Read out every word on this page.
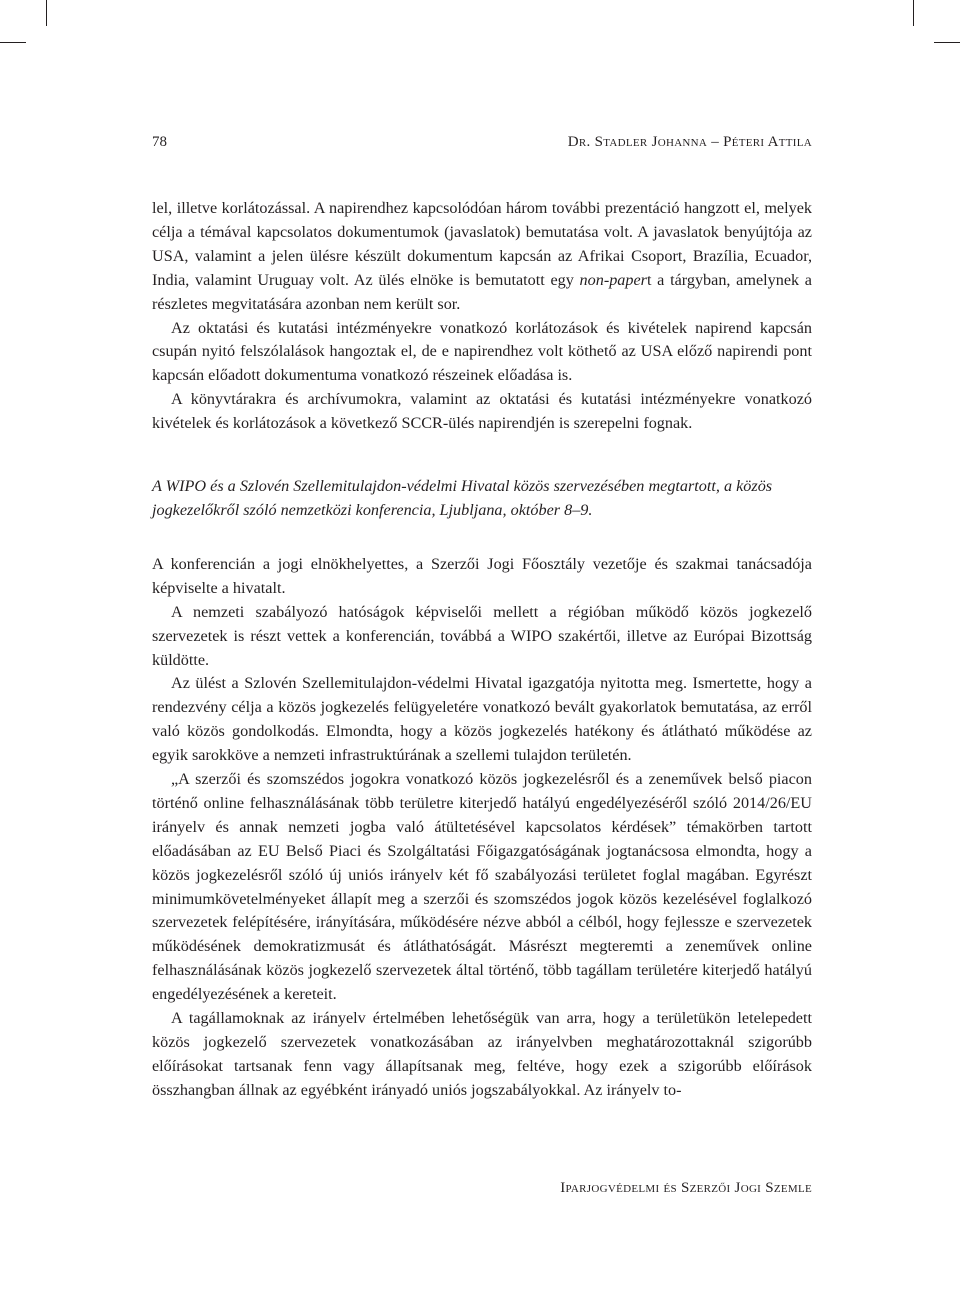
78	Dr. Stadler Johanna – Péteri Attila

lel, illetve korlátozással. A napirendhez kapcsolódóan három további prezentáció hangzott el, melyek célja a témával kapcsolatos dokumentumok (javaslatok) bemutatása volt. A javaslatok benyújtója az USA, valamint a jelen ülésre készült dokumentum kapcsán az Afrikai Csoport, Brazília, Ecuador, India, valamint Uruguay volt. Az ülés elnöke is bemutatott egy non-papert a tárgyban, amelynek a részletes megvitatására azonban nem került sor.

Az oktatási és kutatási intézményekre vonatkozó korlátozások és kivételek napirend kapcsán csupán nyitó felszólalások hangoztak el, de e napirendhez volt köthető az USA előző napirendi pont kapcsán előadott dokumentuma vonatkozó részeinek előadása is.

A könyvtárakra és archívumokra, valamint az oktatási és kutatási intézményekre vonatkozó kivételek és korlátozások a következő SCCR-ülés napirendjén is szerepelni fognak.

A WIPO és a Szlovén Szellemitulajdon-védelmi Hivatal közös szervezésében megtartott, a közös jogkezelőkről szóló nemzetközi konferencia, Ljubljana, október 8–9.

A konferencián a jogi elnökhelyettes, a Szerzői Jogi Főosztály vezetője és szakmai tanácsadója képviselte a hivatalt.

A nemzeti szabályozó hatóságok képviselői mellett a régióban működő közös jogkezelő szervezetek is részt vettek a konferencián, továbbá a WIPO szakértői, illetve az Európai Bizottság küldötte.

Az ülést a Szlovén Szellemitulajdon-védelmi Hivatal igazgatója nyitotta meg. Ismertette, hogy a rendezvény célja a közös jogkezelés felügyeletére vonatkozó bevált gyakorlatok bemutatása, az erről való közös gondolkodás. Elmondta, hogy a közös jogkezelés hatékony és átlátható működése az egyik sarokköve a nemzeti infrastruktúrának a szellemi tulajdon területén.

„A szerzői és szomszédos jogokra vonatkozó közös jogkezelésről és a zeneművek belső piacon történő online felhasználásának több területre kiterjedő hatályú engedélyezéséről szóló 2014/26/EU irányelv és annak nemzeti jogba való átültetésével kapcsolatos kérdések” témakörben tartott előadásában az EU Belső Piaci és Szolgáltatási Főigazgatóságának jogtanácsosa elmondta, hogy a közös jogkezelésről szóló új uniós irányelv két fő szabályozási területet foglal magában. Egyrészt minimumkövetelményeket állapít meg a szerzői és szomszédos jogok közös kezelésével foglalkozó szervezetek felépítésére, irányítására, működésére nézve abból a célból, hogy fejlessze e szervezetek működésének demokratizmusát és átláthatóságát. Másrészt megteremti a zeneművek online felhasználásának közös jogkezelő szervezetek által történő, több tagállam területére kiterjedő hatályú engedélyezésének a kereteit.

A tagállamoknak az irányelv értelmében lehetőségük van arra, hogy a területükön letelepedett közös jogkezelő szervezetek vonatkozásában az irányelvben meghatározottaknál szigorúbb előírásokat tartsanak fenn vagy állapítsanak meg, feltéve, hogy ezek a szigorúbb előírások összhangban állnak az egyébként irányadó uniós jogszabályokkal. Az irányelv to-

Iparjogvédelmi és Szerzői Jogi Szemle
